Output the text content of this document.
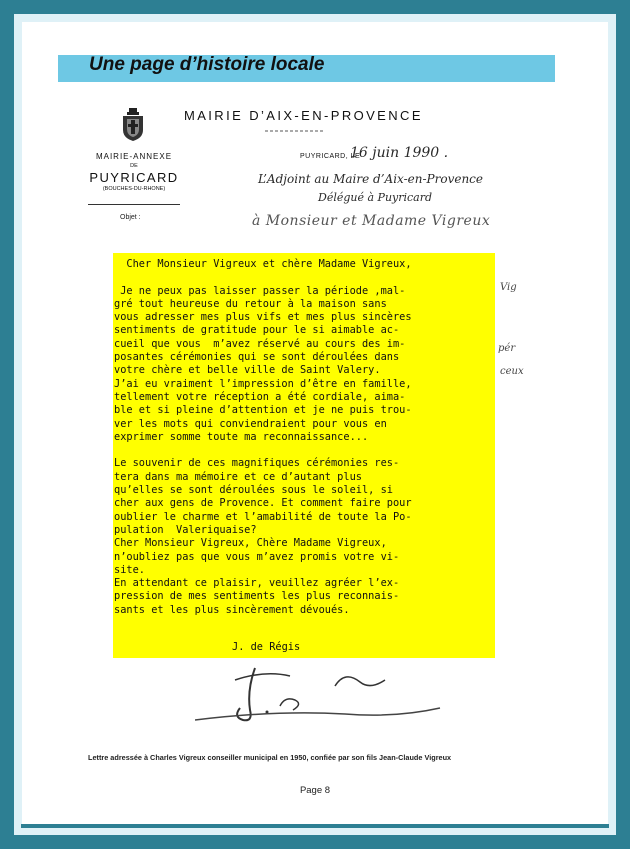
Une page d’histoire locale
MAIRIE D’AIX-EN-PROVENCE
MAIRIE-ANNEXE
DE
PUYRICARD
(BOUCHES-DU-RHONE)
Objet :
PUYRICARD, LE
16 juin 1990 .
L’Adjoint au Maire d’Aix-en-Provence
Délégué à Puyricard
à Monsieur et Madame Vigreux
Vig
pér
ceux
Cher Monsieur Vigreux et chère Madame Vigreux,

Je ne peux pas laisser passer la période ,mal-
gré tout heureuse du retour à la maison sans
vous adresser mes plus vifs et mes plus sincères
sentiments de gratitude pour le si aimable ac-
cueil que vous  m’avez réservé au cours des im-
posantes cérémonies qui se sont déroulées dans
votre chère et belle ville de Saint Valery.
J’ai eu vraiment l’impression d’être en famille,
tellement votre réception a été cordiale, aima-
ble et si pleine d’attention et je ne puis trou-
ver les mots qui conviendraient pour vous en
exprimer somme toute ma reconnaissance...

Le souvenir de ces magnifiques cérémonies res-
tera dans ma mémoire et ce d’autant plus
qu’elles se sont déroulées sous le soleil, si
cher aux gens de Provence. Et comment faire pour
oublier le charme et l’amabilité de toute la Po-
pulation  Valeriquaise?
Cher Monsieur Vigreux, Chère Madame Vigreux,
n’oubliez pas que vous m’avez promis votre vi-
site.
En attendant ce plaisir, veuillez agréer l’ex-
pression de mes sentiments les plus reconnais-
sants et les plus sincèrement dévoués.
J. de Régis
Lettre adressée à Charles Vigreux conseiller municipal en 1950, confiée par son fils Jean-Claude Vigreux
Page 8
